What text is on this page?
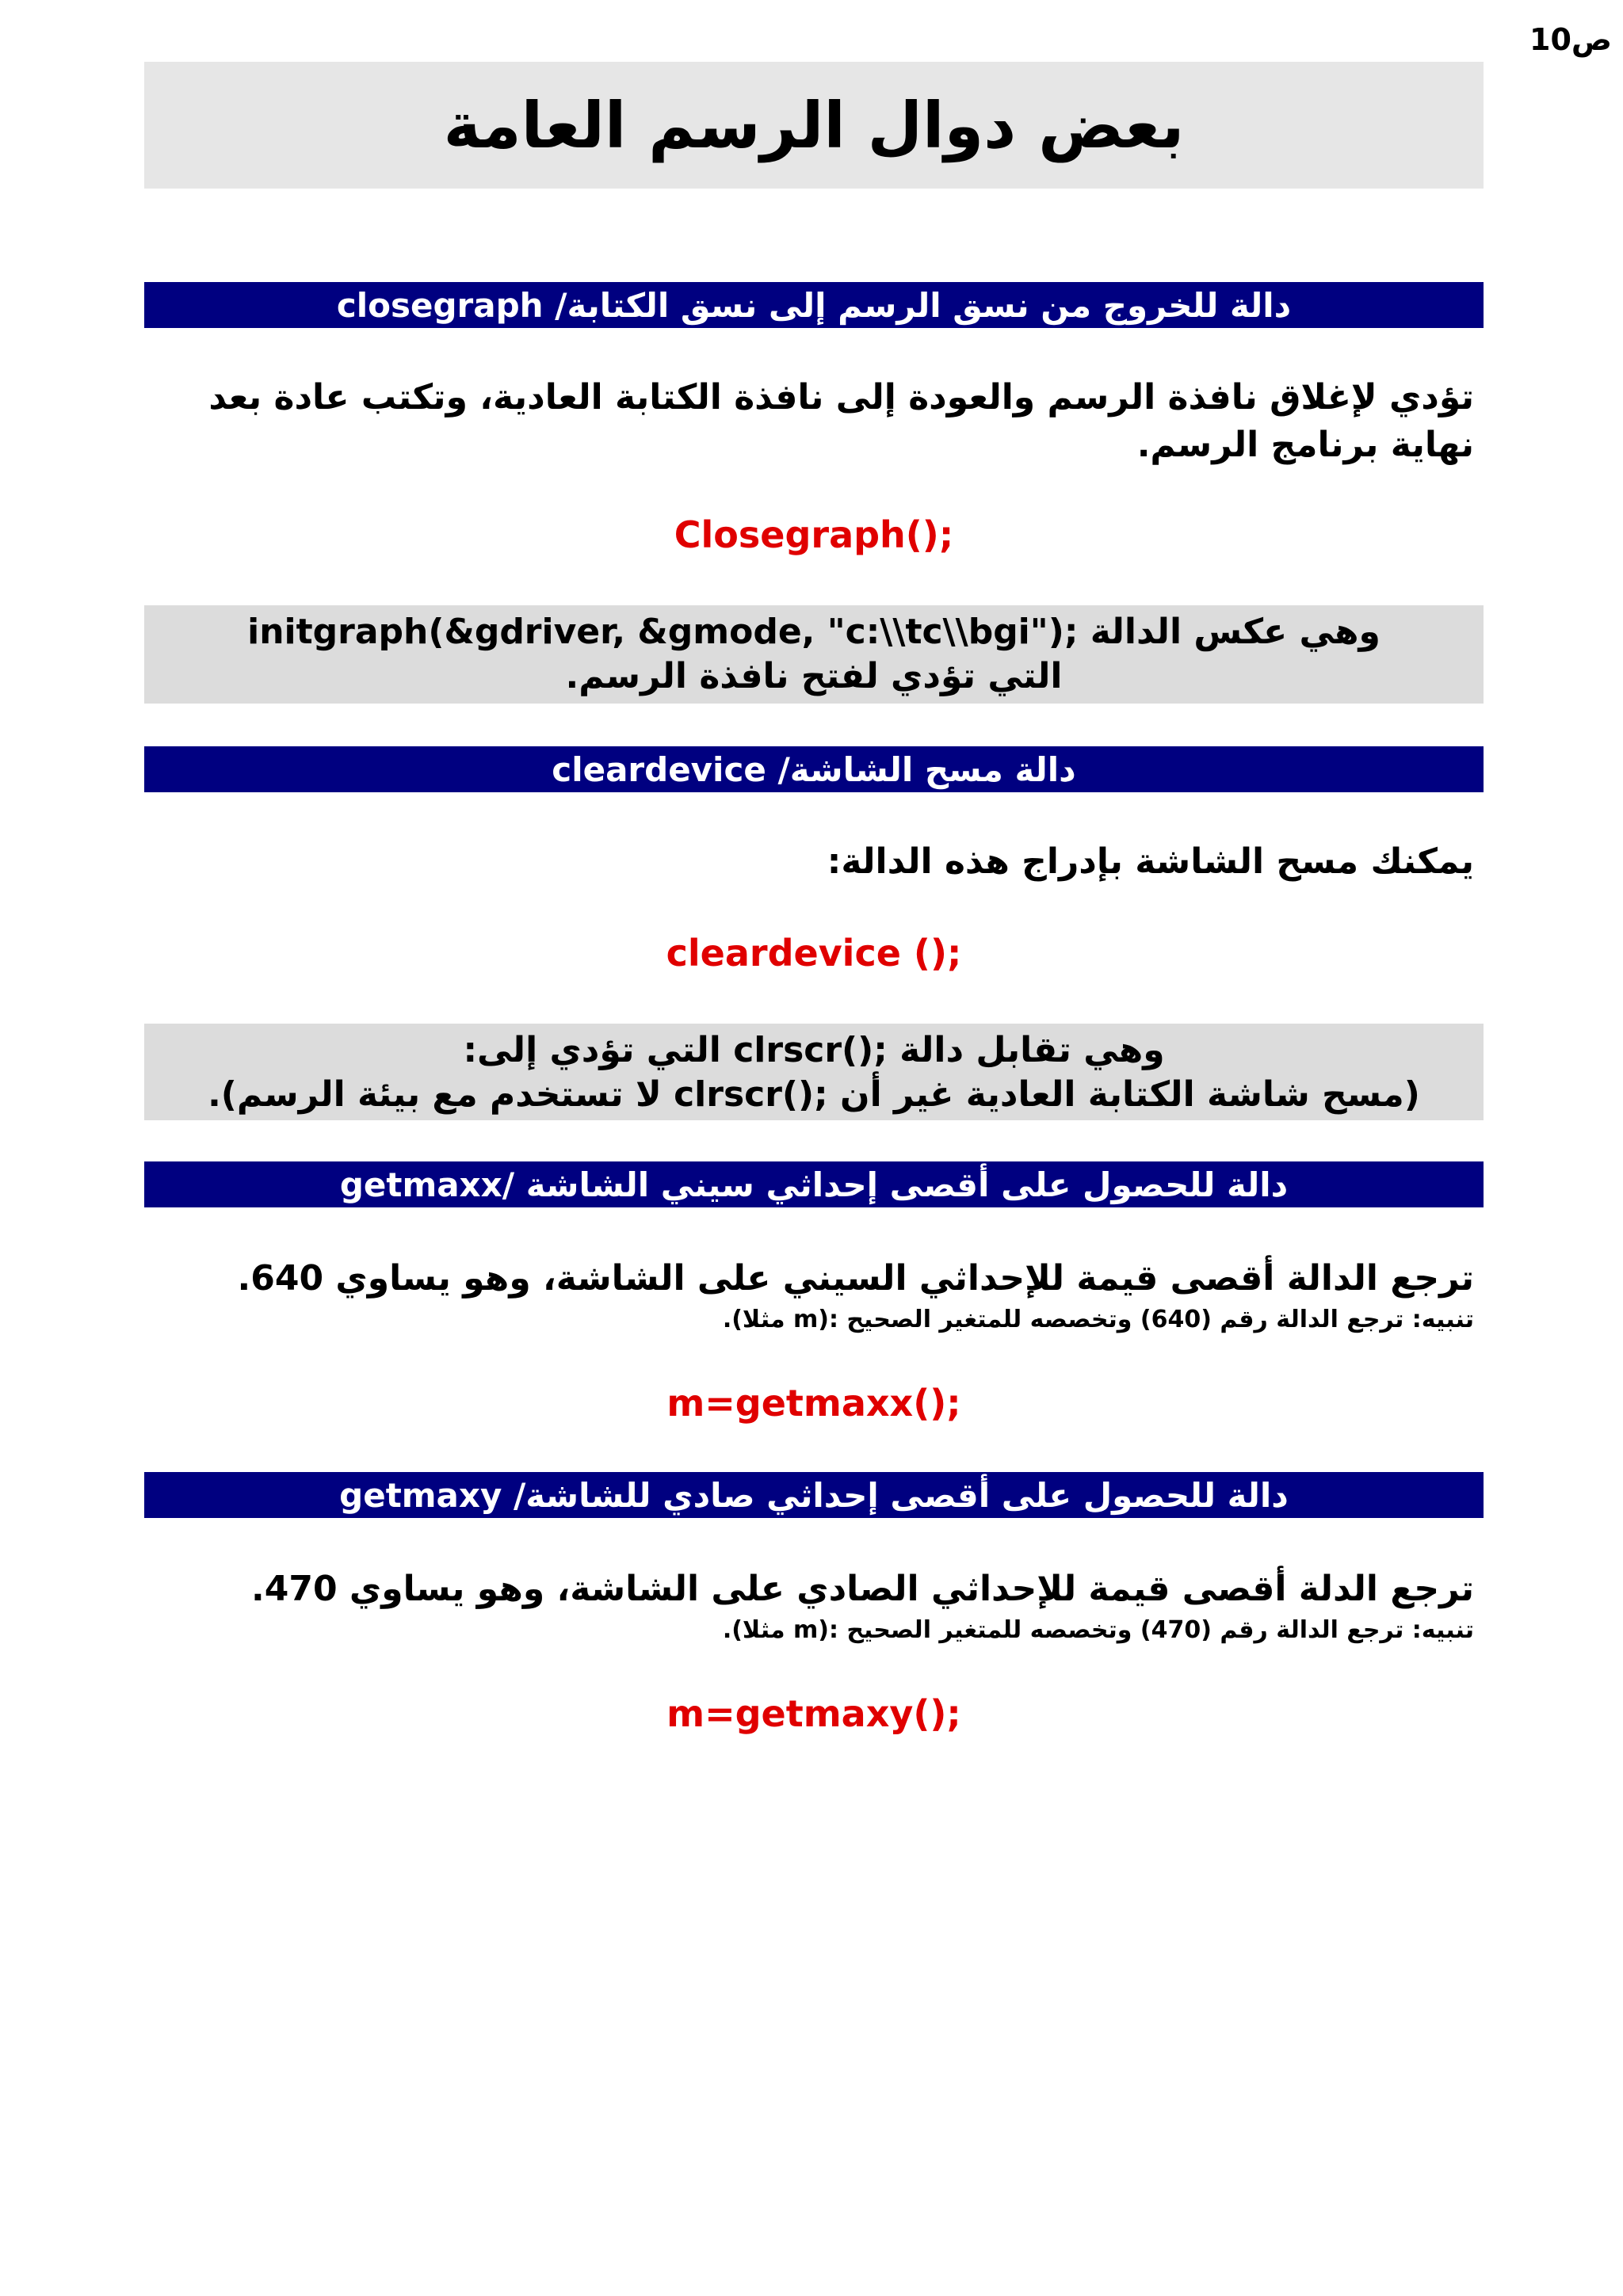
ص10
بعض دوال الرسم العامة
دالة للخروج من نسق الرسم إلى نسق الكتابة/ closegraph
تؤدي لإغلاق نافذة الرسم والعودة إلى نافذة الكتابة العادية، وتكتب عادة بعد نهاية برنامج الرسم.
Closegraph();
وهي عكس الدالة ;("initgraph(&gdriver, &gmode, "c:\\tc\\bgi
التي تؤدي لفتح نافذة الرسم.
دالة مسح الشاشة/ cleardevice
يمكنك مسح الشاشة بإدراج هذه الدالة:
cleardevice ();
وهي تقابل دالة ;()clrscr التي تؤدي إلى:
(مسح شاشة الكتابة العادية غير أن ;()clrscr لا تستخدم مع بيئة الرسم).
دالة للحصول على أقصى إحداثي سيني الشاشة /getmaxx
ترجع الدالة أقصى قيمة للإحداثي السيني على الشاشة، وهو يساوي 640.
تنبيه: ترجع الدالة رقم (640) وتخصصه للمتغير الصحيح :(m مثلا).
m=getmaxx();
دالة للحصول على أقصى إحداثي صادي للشاشة/ getmaxy
ترجع الدلة أقصى قيمة للإحداثي الصادي على الشاشة، وهو يساوي 470.
تنبيه: ترجع الدالة رقم (470) وتخصصه للمتغير الصحيح :(m مثلا).
m=getmaxy();
